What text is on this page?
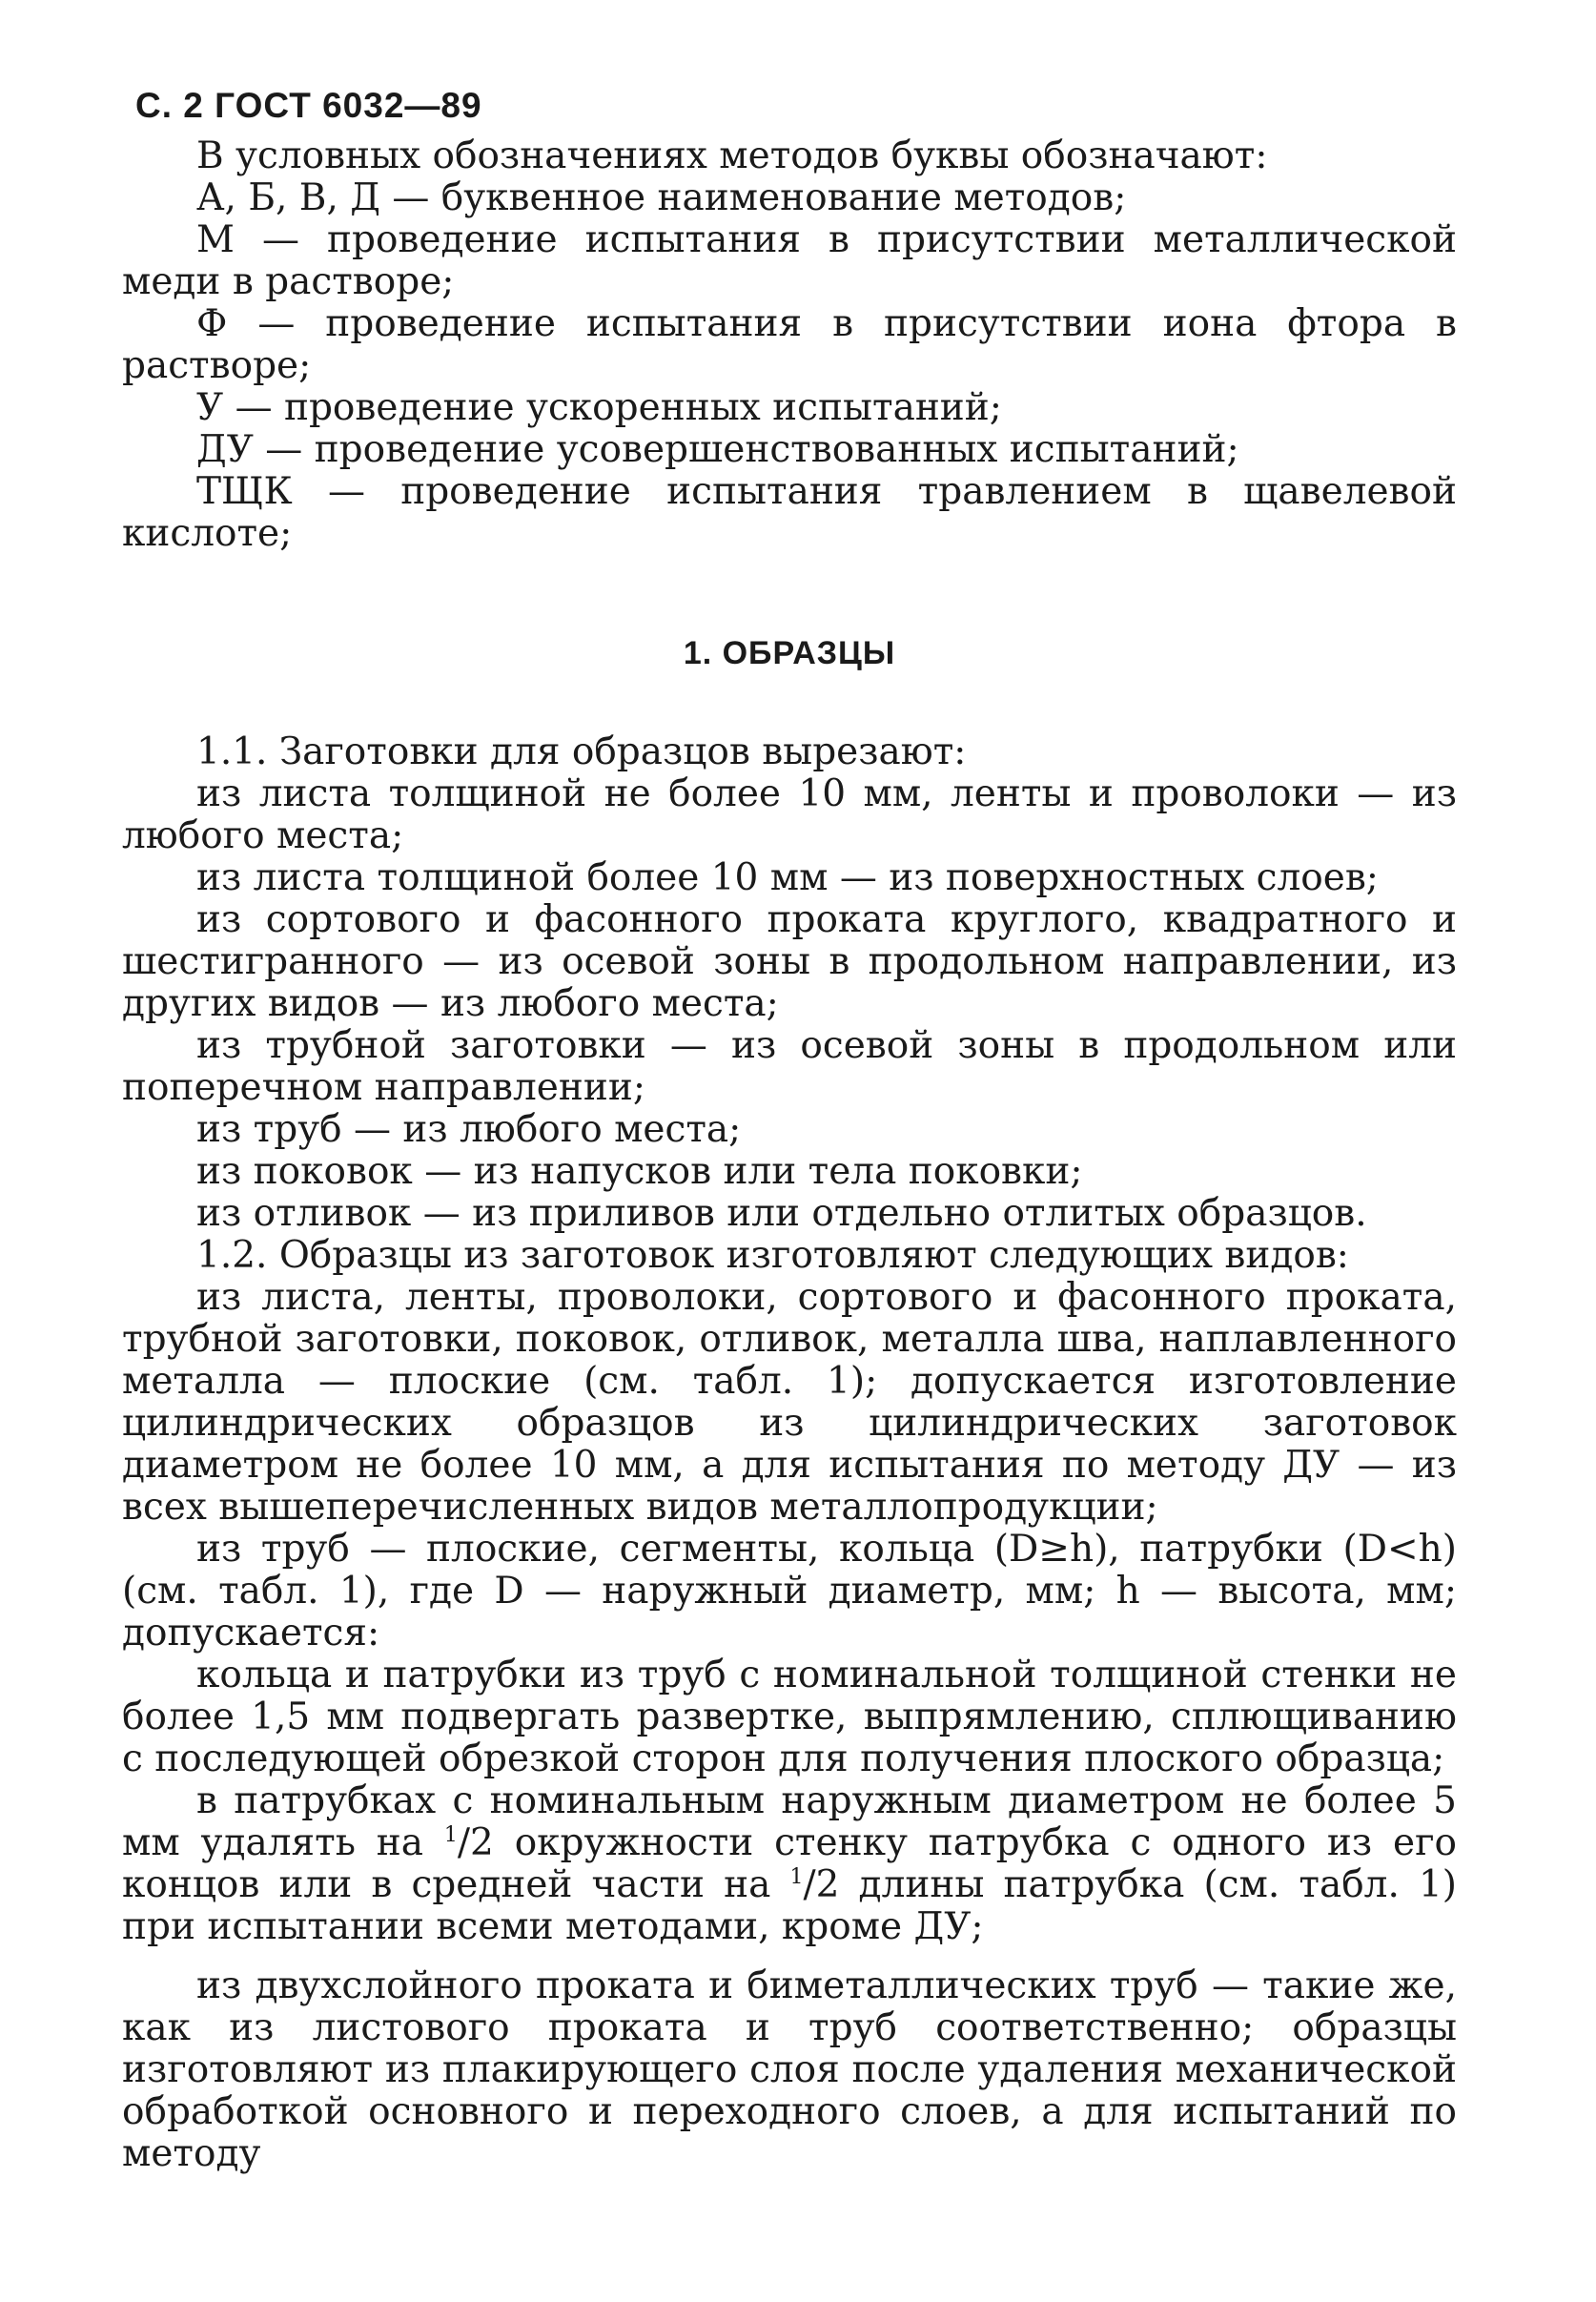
С. 2 ГОСТ 6032—89

В условных обозначениях методов буквы обозначают:

А, Б, В, Д — буквенное наименование методов;

М — проведение испытания в присутствии металлической меди в растворе;

Ф — проведение испытания в присутствии иона фтора в растворе;

У — проведение ускоренных испытаний;

ДУ — проведение усовершенствованных испытаний;

ТЩК — проведение испытания травлением в щавелевой кислоте;

1. ОБРАЗЦЫ

1.1. Заготовки для образцов вырезают:

из листа толщиной не более 10 мм, ленты и проволоки — из любого места;

из листа толщиной более 10 мм — из поверхностных слоев;

из сортового и фасонного проката круглого, квадратного и шестигранного — из осевой зоны в продольном направлении, из других видов — из любого места;

из трубной заготовки — из осевой зоны в продольном или поперечном направлении;

из труб — из любого места;

из поковок — из напусков или тела поковки;

из отливок — из приливов или отдельно отлитых образцов.

1.2. Образцы из заготовок изготовляют следующих видов:

из листа, ленты, проволоки, сортового и фасонного проката, трубной заготовки, поковок, отливок, металла шва, наплавленного металла — плоские (см. табл. 1); допускается изготовление цилиндрических образцов из цилиндрических заготовок диаметром не более 10 мм, а для испытания по методу ДУ — из всех вышеперечисленных видов металлопродукции;

из труб — плоские, сегменты, кольца (D≥h), патрубки (D<h) (см. табл. 1), где D — наружный диаметр, мм; h — высота, мм; допускается:

кольца и патрубки из труб с номинальной толщиной стенки не более 1,5 мм подвергать развертке, выпрямлению, сплющиванию с последующей обрезкой сторон для получения плоского образца;

в патрубках с номинальным наружным диаметром не более 5 мм удалять на $^1$/2 окружности стенку патрубка с одного из его концов или в средней части на $^1$/2 длины патрубка (см. табл. 1) при испытании всеми методами, кроме ДУ;

из двухслойного проката и биметаллических труб — такие же, как из листового проката и труб соответственно; образцы изготовляют из плакирующего слоя после удаления механической обработкой основного и переходного слоев, а для испытаний по методу
